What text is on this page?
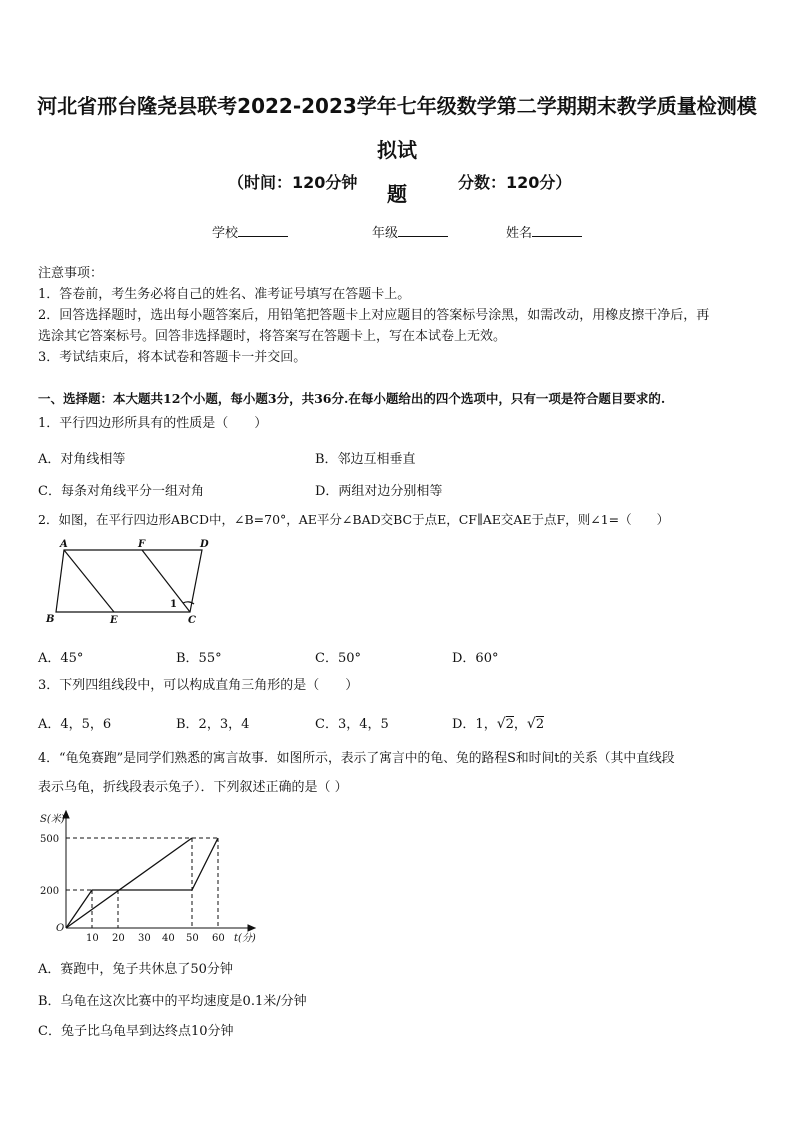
河北省邢台隆尧县联考2022-2023学年七年级数学第二学期期末教学质量检测模拟试
题
（时间：120分钟	分数：120分）
学校	年级	姓名
注意事项：
1．答卷前，考生务必将自己的姓名、准考证号填写在答题卡上。
2．回答选择题时，选出每小题答案后，用铅笔把答题卡上对应题目的答案标号涂黑，如需改动，用橡皮擦干净后，再
选涂其它答案标号。回答非选择题时，将答案写在答题卡上，写在本试卷上无效。
3．考试结束后，将本试卷和答题卡一并交回。
一、选择题：本大题共12个小题，每小题3分，共36分.在每小题给出的四个选项中，只有一项是符合题目要求的.
1．平行四边形所具有的性质是（　　）
A．对角线相等	B．邻边互相垂直
C．每条对角线平分一组对角	D．两组对边分别相等
2．如图，在平行四边形ABCD中，∠B=70°，AE平分∠BAD交BC于点E，CF∥AE交AE于点F，则∠1=（　　）
A	F	D
B	E	C
1
A．45°	B．55°	C．50°	D．60°
3．下列四组线段中，可以构成直角三角形的是（　　）
A．4，5，6	B．2，3，4	C．3，4，5	D．1，√2，√2
4．“龟兔赛跑”是同学们熟悉的寓言故事．如图所示，表示了寓言中的龟、兔的路程S和时间t的关系（其中直线段
表示乌龟，折线段表示兔子）．下列叙述正确的是（ ）
S(米)
500
200
O
10 20 30 40 50 60 t(分)
A．赛跑中，兔子共休息了50分钟
B．乌龟在这次比赛中的平均速度是0.1米/分钟
C．兔子比乌龟早到达终点10分钟
